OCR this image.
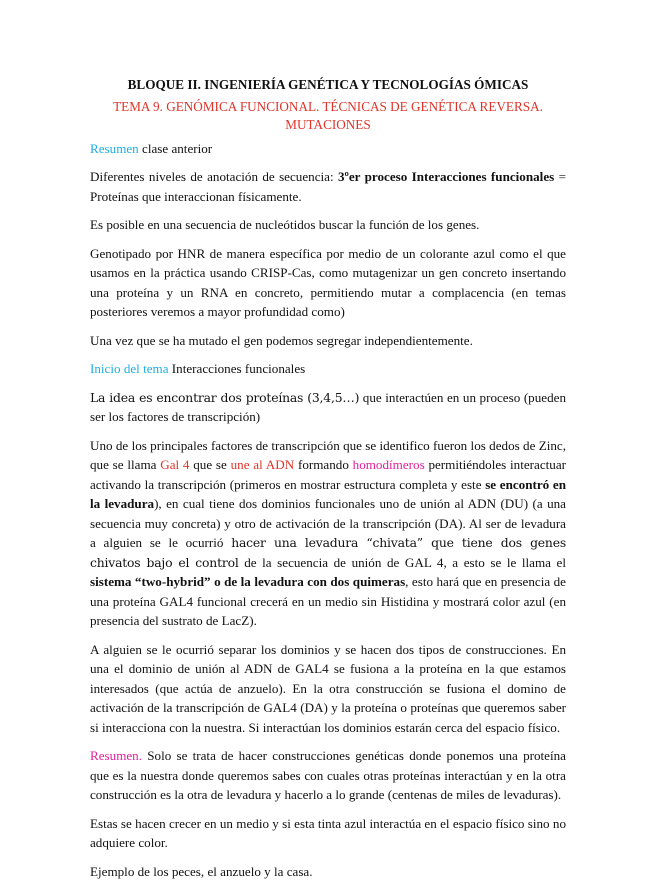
BLOQUE II. INGENIERÍA GENÉTICA Y TECNOLOGÍAS ÓMICAS
TEMA 9. GENÓMICA FUNCIONAL. TÉCNICAS DE GENÉTICA REVERSA.
MUTACIONES

Resumen clase anterior

Diferentes niveles de anotación de secuencia: 3ºer proceso Interacciones funcionales = Proteínas que interaccionan físicamente.

Es posible en una secuencia de nucleótidos buscar la función de los genes.

Genotipado por HNR de manera específica por medio de un colorante azul como el que usamos en la práctica usando CRISP-Cas, como mutagenizar un gen concreto insertando una proteína y un RNA en concreto, permitiendo mutar a complacencia (en temas posteriores veremos a mayor profundidad como)

Una vez que se ha mutado el gen podemos segregar independientemente.

Inicio del tema Interacciones funcionales

La idea es encontrar dos proteínas (3,4,5…) que interactúen en un proceso (pueden ser los factores de transcripción)

Uno de los principales factores de transcripción que se identifico fueron los dedos de Zinc, que se llama Gal 4 que se une al ADN formando homodímeros permitiéndoles interactuar activando la transcripción (primeros en mostrar estructura completa y este se encontró en la levadura), en cual tiene dos dominios funcionales uno de unión al ADN (DU) (a una secuencia muy concreta) y otro de activación de la transcripción (DA). Al ser de levadura a alguien se le ocurrió hacer una levadura “chivata” que tiene dos genes chivatos bajo el control de la secuencia de unión de GAL 4, a esto se le llama el sistema “two-hybrid” o de la levadura con dos quimeras, esto hará que en presencia de una proteína GAL4 funcional crecerá en un medio sin Histidina y mostrará color azul (en presencia del sustrato de LacZ).

A alguien se le ocurrió separar los dominios y se hacen dos tipos de construcciones. En una el dominio de unión al ADN de GAL4 se fusiona a la proteína en la que estamos interesados (que actúa de anzuelo). En la otra construcción se fusiona el domino de activación de la transcripción de GAL4 (DA) y la proteína o proteínas que queremos saber si interacciona con la nuestra. Si interactúan los dominios estarán cerca del espacio físico.

Resumen. Solo se trata de hacer construcciones genéticas donde ponemos una proteína que es la nuestra donde queremos sabes con cuales otras proteínas interactúan y en la otra construcción es la otra de levadura y hacerlo a lo grande (centenas de miles de levaduras).

Estas se hacen crecer en un medio y si esta tinta azul interactúa en el espacio físico sino no adquiere color.

Ejemplo de los peces, el anzuelo y la casa.
